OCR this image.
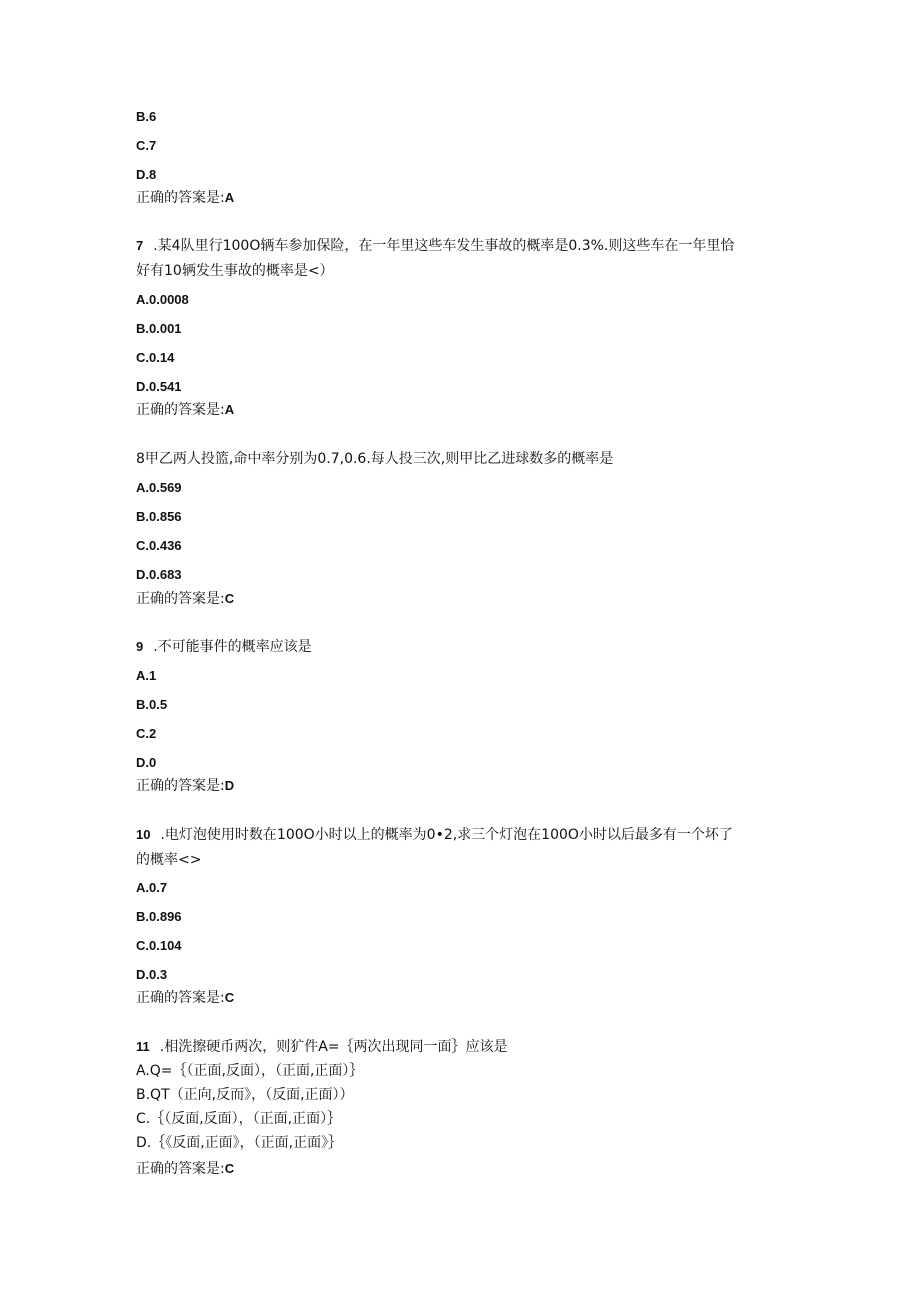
B.6
C.7
D.8
正确的答案是:A
7 .某4队里行100O辆车参加保险，在一年里这些车发生事故的概率是0.3%.则这些车在一年里恰
好有10辆发生事故的概率是<）
A.0.0008
B.0.001
C.0.14
D.0.541
正确的答案是:A
8甲乙两人投篮,命中率分别为0.7,0.6.每人投三次,则甲比乙进球数多的概率是
A.0.569
B.0.856
C.0.436
D.0.683
正确的答案是:C
9 .不可能事件的概率应该是
A.1
B.0.5
C.2
D.0
正确的答案是:D
10 .电灯泡使用时数在100O小时以上的概率为0•2,求三个灯泡在100O小时以后最多有一个坏了
的概率<>
A.0.7
B.0.896
C.0.104
D.0.3
正确的答案是:C
11 .相洗擦硬币两次，则犷件A=｛两次出现同一面｝应该是
A.Q=｛（正面,反面），（正面,正面）｝
B.QT（正向,反而》，（反面,正面））
C.｛（反面,反面），（正面,正面）｝
D.｛《反面,正面》，（正面,正面》｝
正确的答案是:C
